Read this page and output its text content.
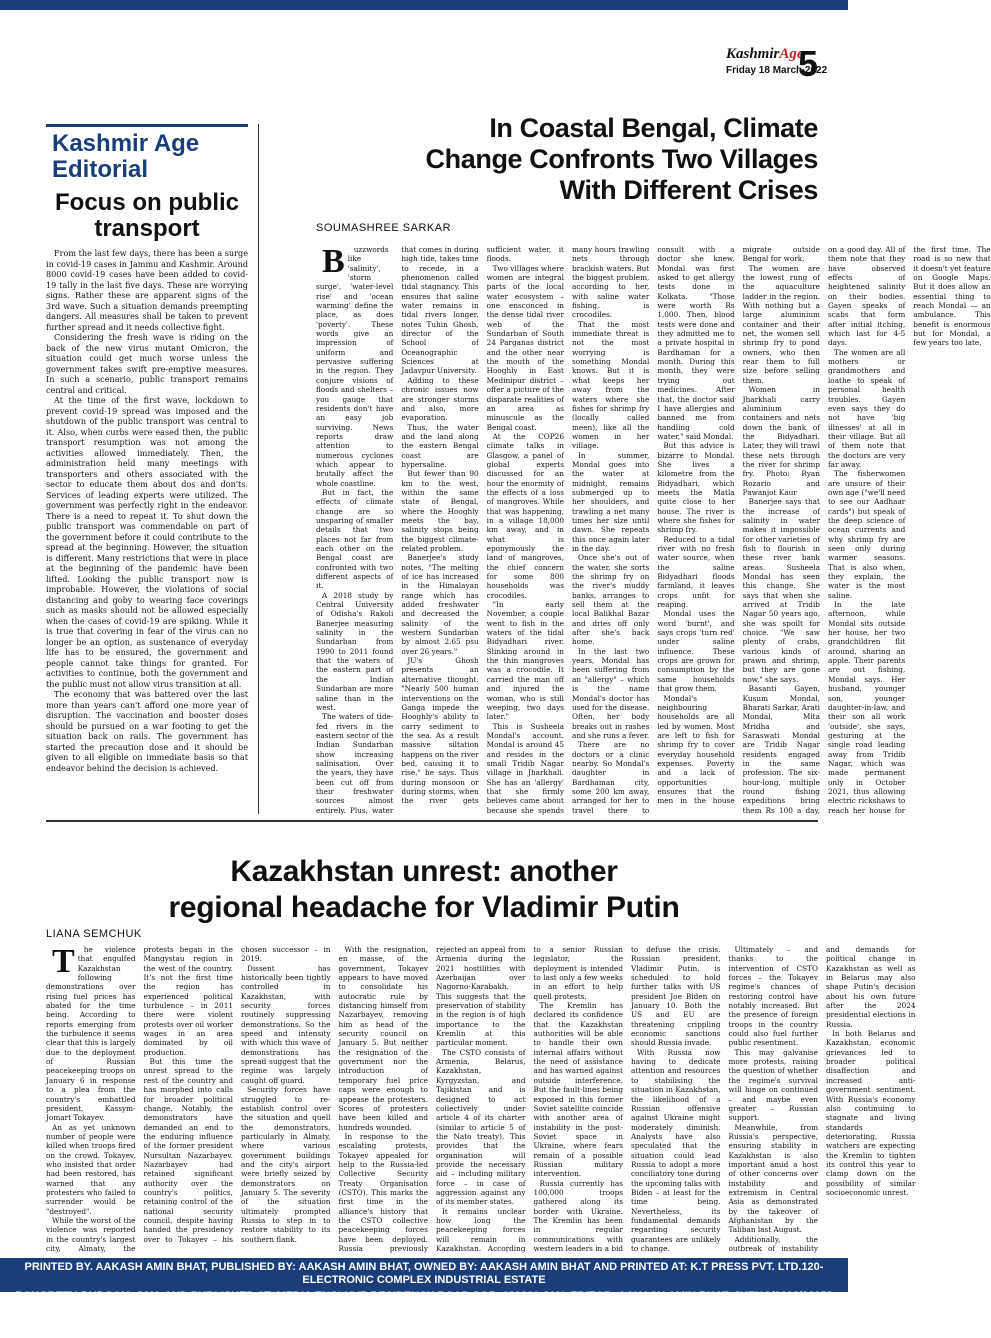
KashmirAge
Friday 18 March 2022
5
Kashmir Age Editorial
Focus on public transport

From the last few days, there has been a surge in covid-19 cases in Jammu and Kashmir. Around 8000 covid-19 cases have been added to covid-19 tally in the last five days. These are worrying signs. Rather these are apparent signs of the 3rd wave. Such a situation demands preempting dangers. All measures shall be taken to prevent further spread and it needs collective fight.

Considering the fresh wave is riding on the back of the new virus mutant Omicron, the situation could get much worse unless the government takes swift pre-emptive measures. In such a scenario, public transport remains central and critical.

At the time of the first wave, lockdown to prevent covid-19 spread was imposed and the shutdown of the public transport was central to it. Also, when curbs were eased then, the public transport resumption was not among the activities allowed immediately. Then, the administration held many meetings with transporters and others associated with the sector to educate them about dos and don'ts. Services of leading experts were utilized. The government was perfectly right in the endeavor. There is a need to repeat it. To shut down the public transport was commendable on part of the government before it could contribute to the spread at the beginning. However, the situation is different. Many restrictions that were in place at the beginning of the pandemic have been lifted. Looking the public transport now is improbable. However, the violations of social distancing and goby to wearing face coverings such as masks should not be allowed especially when the cases of covid-19 are spiking. While it is true that covering in fear of the virus can no longer be an option, as sustenance of everyday life has to be ensured, the government and people cannot take things for granted. For activities to continue, both the government and the public must not allow virus transition at all.

The economy that was battered over the last more than years can't afford one more year of disruption. The vaccination and booster doses should be pursued on a war footing to get the situation back on rails. The government has started the precaution dose and it should be given to all eligible on immediate basis so that endeavor behind the decision is achieved.

In Coastal Bengal, Climate
Change Confronts Two Villages
With Different Crises
SOUMASHREE SARKAR

B uzzwords like 'salinity', 'storm surge', 'water-level rise' and 'ocean warming' define the place, as does 'poverty'. These words give an impression of uniform and pervasive suffering in the region. They conjure visions of floods and shelters – you gauge that residents don't have an easy job surviving. News reports draw attention to numerous cyclones which appear to brutally affect the whole coastline.

But in fact, the effects of climate change are so unsparing of smaller details that two places not far from each other on the Bengal coast are confronted with two different aspects of it.

A 2018 study by Central University of Odisha's Rakoli Banerjee measuring salinity in the Sundarban from 1990 to 2011 found that the waters of the eastern part of the Indian Sundarban are more saline than in the west.

The waters of tide-fed rivers in the eastern sector of the Indian Sundarban show increasing salinisation. Over the years, they have been cut off from their freshwater sources almost entirely. Plus, water that comes in during high tide, takes time to recede, in a phenomenon called tidal stagnancy. This ensures that saline water remains in tidal rivers longer, notes Tuhin Ghosh, director of the School of Oceanographic Sciences at Jadavpur University.

Adding to these chronic issues now are stronger storms and also, more evaporation.

Thus, the water and the land along the eastern Bengal coast are hypersaline.

But fewer than 90 km to the west, within the same state of Bengal, where the Hooghly meets the bay, salinity stops being the biggest climate-related problem.

Banerjee's study notes, "The melting of ice has increased in the Himalayan range which has added freshwater and decreased the salinity of the western Sundarban by almost 2.65 psu over 26 years."

JU's Ghosh presents an alternative thought. "Nearly 500 human interventions on the Ganga impede the Hooghly's ability to carry sediment to the sea. As a result massive siltation happens on the river bed, causing it to rise," he says. Thus during monsoon or during storms, when the river gets sufficient water, it floods.

Two villages where women are integral parts of the local water ecosystem – one ensconced in the dense tidal river web of the Sundarban of South 24 Parganas district and the other near the mouth of the Hooghly in East Medinipur district – offer a picture of the disparate realities of an area as minuscule as the Bengal coast.

At the COP26 climate talks in Glasgow, a panel of global experts discussed for an hour the enormity of the effects of a loss of mangroves. While that was happening, in a village 18,000 km away, and in what is eponymously the land of mangroves, the chief concern for some 800 households was crocodiles.

"In early November, a couple went to fish in the waters of the tidal Bidyadhari river. Slinking around in the thin mangroves was a crocodile. It carried the man off and injured the woman, who is still weeping, two days later."

This is Susheela Mondal's account. Mondal is around 45 and resides in the small Tridib Nagar village in Jharkhali. She has an 'allergy' that she firmly believes came about because she spends many hours trawling nets through brackish waters. But the biggest problem, according to her, with saline water fishing, is crocodiles.

That the most immediate threat is not the most worrying is something Mondal knows. But it is what keeps her away from the waters where she fishes for shrimp fry (locally called meen), like all the women in her village.

In summer, Mondal goes into the water at midnight, remains submerged up to her shoulders, and trawling a net many times her size until dawn. She repeats this once again later in the day.

Once she's out of the water, she sorts the shrimp fry on the river's muddy banks, arranges to sell them at the local Balikhal Bazar and dries off only after she's back home.

In the last two years, Mondal has been suffering from an "allergy" – which is the name Mondal's doctor has used for the disease. Often, her body breaks out in rashes and she runs a fever.

There are no doctors or a clinic nearby. So Mondal's daughter in Bardhaman city, some 200 km away, arranged for her to travel there to consult with a doctor she knew. Mondal was first asked to get allergy tests done in Kolkata. "Those were worth Rs 1,000. Then, blood tests were done and they admitted me to a private hospital in Bardhaman for a month. During this month, they were trying out medicines. After that, the doctor said I have allergies and banned me from handling cold water," said Mondal.

But this advice is bizarre to Mondal. She lives a kilometre from the Bidyadhari, which meets the Matla quite close to her house. The river is where she fishes for shrimp fry.

Reduced to a tidal river with no fresh water source, when the saline Bidyadhari floods farmland, it leaves crops unfit for reaping.

Mondal uses the word 'burnt', and says crops 'turn red' under saline influence. These crops are grown for consumption by the same households that grow them.

Mondal's neighbouring households are all led by women. Most are left to fish for shrimp fry to cover everyday household expenses. Poverty and a lack of opportunities ensures that the men in the house migrate outside Bengal for work.

The women are the lowest rung of the aquaculture ladder in the region. With nothing but a large aluminium container and their net, the women sell shrimp fry to pond owners, who then rear them to full size before selling them.

Women in Jharkhali carry aluminium containers and nets down the bank of the Bidyadhari. Later, they will trawl these nets through the river for shrimp fry. Photo: Ryan Rozario and Pawanjot Kaur

Banerjee says that the increase of salinity in water makes it impossible for other varieties of fish to flourish in these river bank areas. Susheela Mondal has seen this change. She says that when she arrived at Tridib Nagar 50 years ago, she was spoilt for choice. "We saw plenty of crabs, various kinds of prawn and shrimp, but they are gone now," she says.

Basanti Gayen, Kusum Mondal, Bharati Sarkar, Arati Mondal, Mita Mridha and Saraswati Mondal are Tridib Nagar residents engaged in the same profession. The six-hour-long, multiple round fishing expeditions bring them Rs 100 a day, on a good day. All of them note that they have observed effects of heightened salinity on their bodies. Gayen speaks of scabs that form after initial itching, which last for 4-5 days.

The women are all mothers or grandmothers and loathe to speak of personal health troubles. Gayen even says they do not have 'big illnesses' at all in their village. But all of them note that the doctors are very far away.

The fisherwomen are unsure of their own age ("we'll need to see our Aadhaar cards") but speak of the deep science of ocean currents and why shrimp fry are seen only during warmer seasons. That is also when, they explain, the water is the most saline.

In the late afternoon, while Mondal sits outside her house, her two grandchildren flit around, sharing an apple. Their parents are out fishing, Mondal says. Her husband, younger son, younger daughter-in-law, and their son all work 'outside', she says, gesturing at the single road leading away from Tridib Nagar, which was made permanent only in October 2021, thus allowing electric rickshaws to reach her house for the first time. The road is so new that it doesn't yet feature on Google Maps. But it does allow an essential thing to reach Mondal — an ambulance. This benefit is enormous but for Mondal, a few years too late.

Kazakhstan unrest: another
regional headache for Vladimir Putin
LIANA SEMCHUK

T he violence that engulfed Kazakhstan following demonstrations over rising fuel prices has abated for the time being. According to reports emerging from the turbulence it seems clear that this is largely due to the deployment of Russian peacekeeping troops on January 6 in response to a plea from the country's embattled president, Kassym-Jomart Tokayev.

An as yet unknown number of people were killed when troops fired on the crowd. Tokayev, who insisted that order had been restored, has warned that any protesters who failed to surrender would be "destroyed".

While the worst of the violence was reported in the country's largest city, Almaty, the protests began in the Mangystau region in the west of the country. It's not the first time the region has experienced political turbulence – in 2011 there were violent protests over oil worker wages in an area dominated by oil production.

But this time the unrest spread to the rest of the country and has morphed into calls for broader political change. Notably, the demonstrators have demanded an end to the enduring influence of the former president Nursultan Nazarbayev. Nazarbayev had retained significant authority over the country's politics, retaining control of the national security council, despite having handed the presidency over to Tokayev – his chosen successor – in 2019.

Dissent has historically been tightly controlled in Kazakhstan, with security forces routinely suppressing demonstrations. So the speed and intensity with which this wave of demonstrations has spread suggest that the regime was largely caught off guard.

Security forces have struggled to re-establish control over the situation and quell the demonstrators, particularly in Almaty, where various government buildings and the city's airport were briefly seized by demonstrators on January 5. The severity of the situation ultimately prompted Russia to step in to restore stability to its southern flank.

With the resignation, en masse, of the government, Tokayev appears to have moved to consolidate his autocratic rule by distancing himself from Nazarbayev, removing him as head of the security council on January 5. But neither the resignation of the government nor the introduction of temporary fuel price caps were enough to appease the protesters. Scores of protesters have been killed and hundreds wounded.

In response to the escalating protests, Tokayev appealed for help to the Russia-led Collective Security Treaty Organisation (CSTO). This marks the first time in the alliance's history that the CSTO collective peacekeeping forces have been deployed. Russia previously rejected an appeal from Armenia during the 2021 hostilities with Azerbaijan over Nagorno-Karabakh. This suggests that the preservation of stability in the region is of high importance to the Kremlin at this particular moment.

The CSTO consists of Armenia, Belarus, Kazakhstan, Kyrgyzstan, and Tajikistan and is designed to act collectively under article 4 of its charter (similar to article 5 of the Nato treaty). This provides that the organisation will provide the necessary aid – including military force – in case of aggression against any of its member states.

It remains unclear how long the peacekeeping forces will remain in Kazakhstan. According to a senior Russian legislator, the deployment is intended to last only a few weeks in an effort to help quell protests.

The Kremlin has declared its confidence that the Kazakhstan authorities will be able to handle their own internal affairs without the need of assistance and has warned against outside interference. But the fault-lines being exposed in this former Soviet satellite coincide with another area of instability in the post-Soviet space in Ukraine, where fears remain of a possible Russian military intervention.

Russia currently has 100,000 troops gathered along its border with Ukraine. The Kremlin has been in regular communications with western leaders in a bid to defuse the crisis. Russian president, Vladimir Putin, is scheduled to hold further talks with US president Joe Biden on January 10. Both the US and EU are threatening crippling economic sanctions should Russia invade.

With Russia now having to dedicate attention and resources to stabilising the situation in Kazakhstan, the likelihood of a Russian offensive against Ukraine might moderately diminish. Analysts have also speculated that the situation could lead Russia to adopt a more conciliatory tone during the upcoming talks with Biden – at least for the time being. Nevertheless, its fundamental demands regarding security guarantees are unlikely to change.

Ultimately – and thanks to the intervention of CSTO forces – the Tokayev regime's chances of restoring control have notably increased. But the presence of foreign troops in the country could also fuel further public resentment.

This may galvanise more protests, raising the question of whether the regime's survival will hinge on continued – and maybe even greater – Russian support.

Meanwhile, from Russia's perspective, ensuring stability in Kazakhstan is also important amid a host of other concerns over instability and extremism in Central Asia as demonstrated by the takeover of Afghanistan by the Taliban last August.

Additionally, the outbreak of instability and demands for political change in Kazakhstan as well as in Belarus may also shape Putin's decision about his own future after the 2024 presidential elections in Russia.

In both Belarus and Kazakhstan, economic grievances led to broader political disaffection and increased anti-government sentiment. With Russia's economy also continuing to stagnate and living standards deteriorating, Russia watchers are expecting the Kremlin to tighten its control this year to clamp down on the possibility of similar socioeconomic unrest.

PRINTED BY. AAKASH AMIN BHAT, PUBLISHED BY: AAKASH AMIN BHAT, OWNED BY: AAKASH AMIN BHAT AND PRINTED AT: K.T PRESS PVT. LTD.120- ELECTRONIC COMPLEX INDUSTRIAL ESTATE
RANGRETH BUDGAM, J&K. AND PUBLISHED AT: MEDIA ENCLUVE RESIDENCY ROAD SGR. 190001 J&K. EDITOR: AAKASH AMIN BHAT, JKENG/2006/23952
